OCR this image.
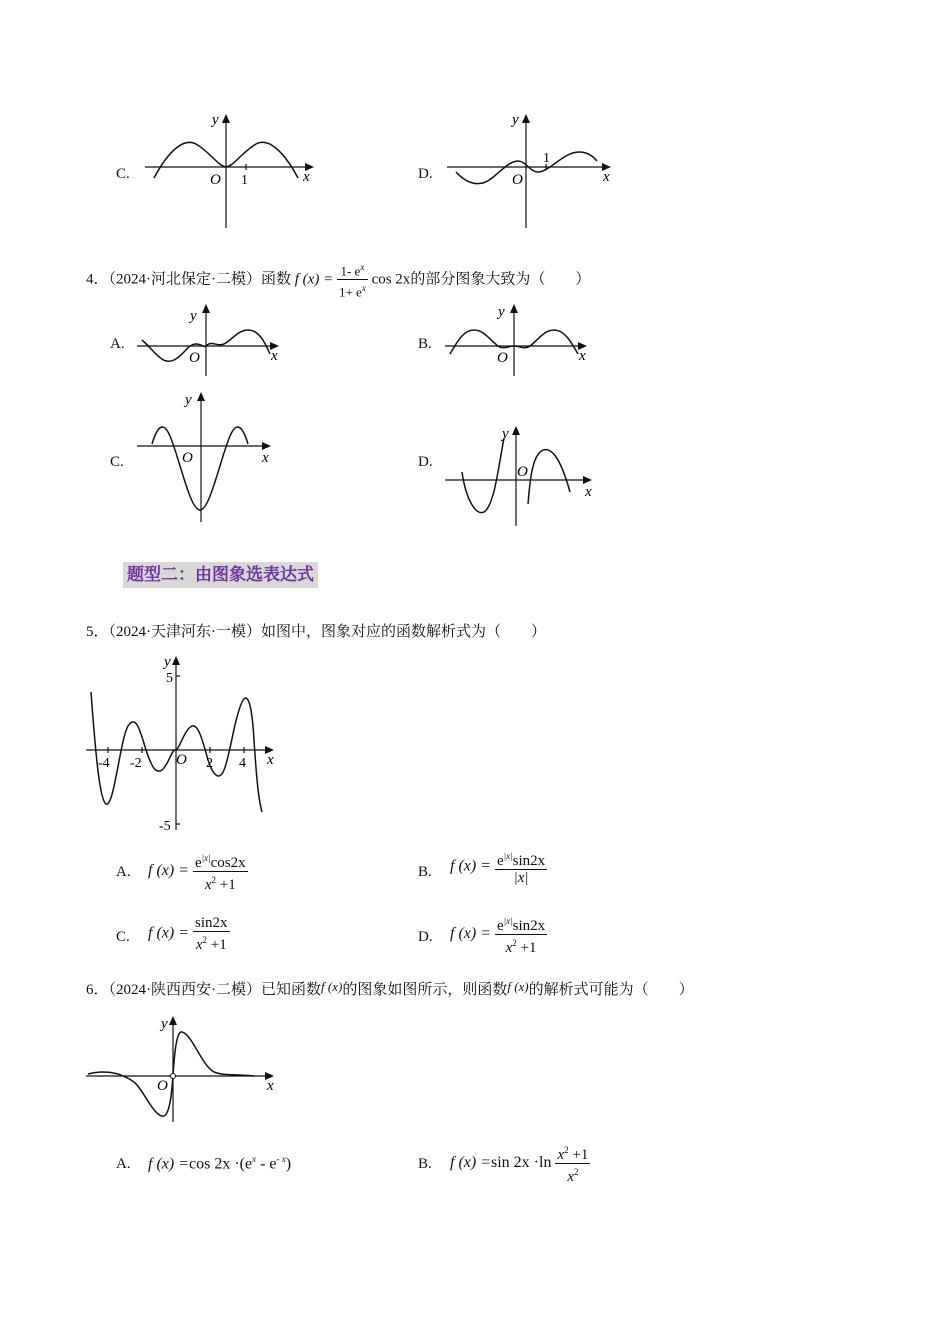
C.
y
O 1	x	D.
y
O
1
x
4．（2024·河北保定·二模）函数 f $(x) = \frac{1- e^x}{1+ e^x}$ cos 2x的部分图象大致为（　　）
A.
y
O	x
B.
y
O	x
C.
y
O	x	D.
y
O
x
题型二：由图象选表达式
5．（2024·天津河东·一模）如图中，图象对应的函数解析式为（　　）
y
5
-5
-4 -2 O 2 4 x
A. f $(x) = \frac{e^{|x|}\cos 2x}{x^2 +1}$	B. f $(x) = \frac{e^{|x|}\sin 2x}{|x|}$
C. f $(x) = \frac{\sin 2x}{x^2 +1}$	D. f $(x) = \frac{e^{|x|}\sin 2x}{x^2 +1}$
6．（2024·陕西西安·二模）已知函数f (x)的图象如图所示，则函数f (x)的解析式可能为（　　）
y
O	x
A. f (x) =cos $2x \cdot(e^x - e^{- x})$	B. f (x) =sin $2x \cdot\ln \frac{x^2 +1}{x^2}$
